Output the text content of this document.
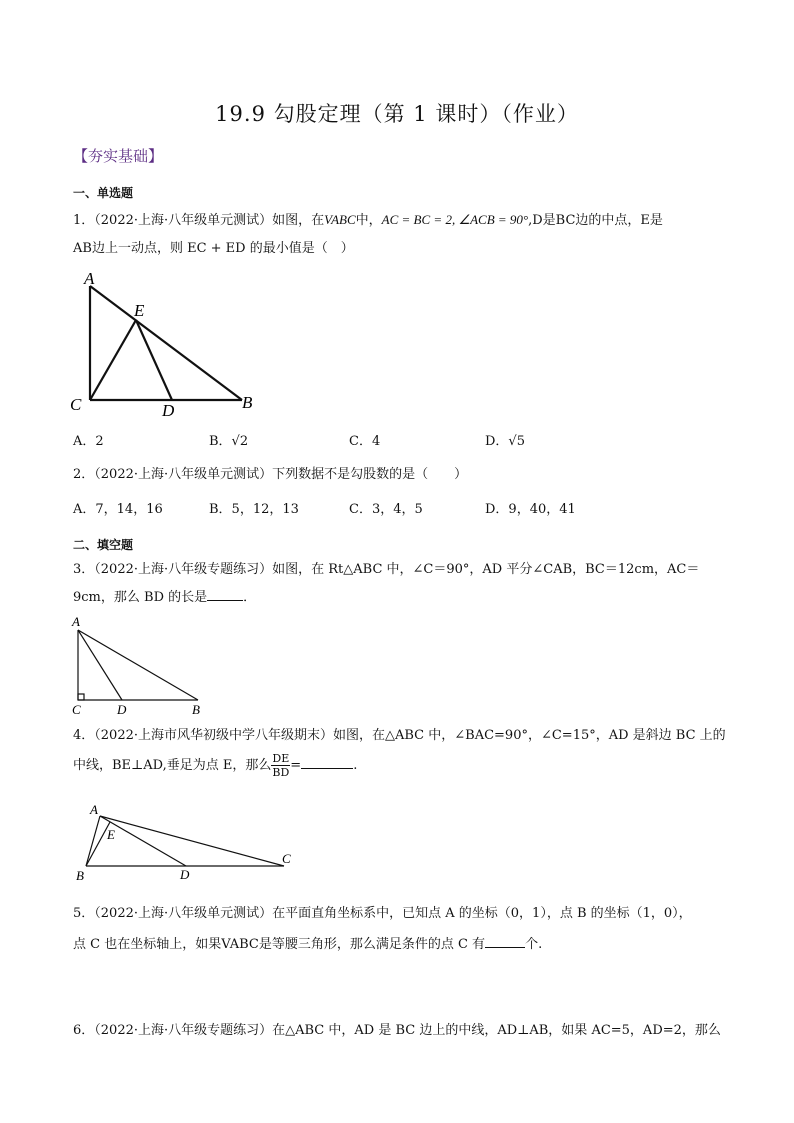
19.9 勾股定理（第 1 课时）（作业）
【夯实基础】
一、单选题
1．（2022·上海·八年级单元测试）如图，在VABC中，AC = BC = 2, ∠ACB = 90°,D是BC边的中点，E是
AB边上一动点，则 EC + ED 的最小值是（　）
A
E
C	D	B
A．2	B．√2	C．4	D．√5
2．（2022·上海·八年级单元测试）下列数据不是勾股数的是（　　）
A．7，14，16	B．5，12，13	C．3，4，5	D．9，40，41
二、填空题
3．（2022·上海·八年级专题练习）如图，在 Rt△ABC 中，∠C＝90°，AD 平分∠CAB，BC＝12cm，AC＝
9cm，那么 BD 的长是	．
A
C	D	B
4．（2022·上海市风华初级中学八年级期末）如图，在△ABC 中，∠BAC=90°，∠C=15°，AD 是斜边 BC 上的
中线，BE⊥AD,垂足为点 E，那么 $\frac{DE}{BD}$ =	.
A
E
B	D
C
5．（2022·上海·八年级单元测试）在平面直角坐标系中，已知点 A 的坐标（0，1），点 B 的坐标（1，0），
点 C 也在坐标轴上，如果VABC是等腰三角形，那么满足条件的点 C 有	个.
6．（2022·上海·八年级专题练习）在△ABC 中，AD 是 BC 边上的中线，AD⊥AB，如果 AC=5，AD=2，那么
